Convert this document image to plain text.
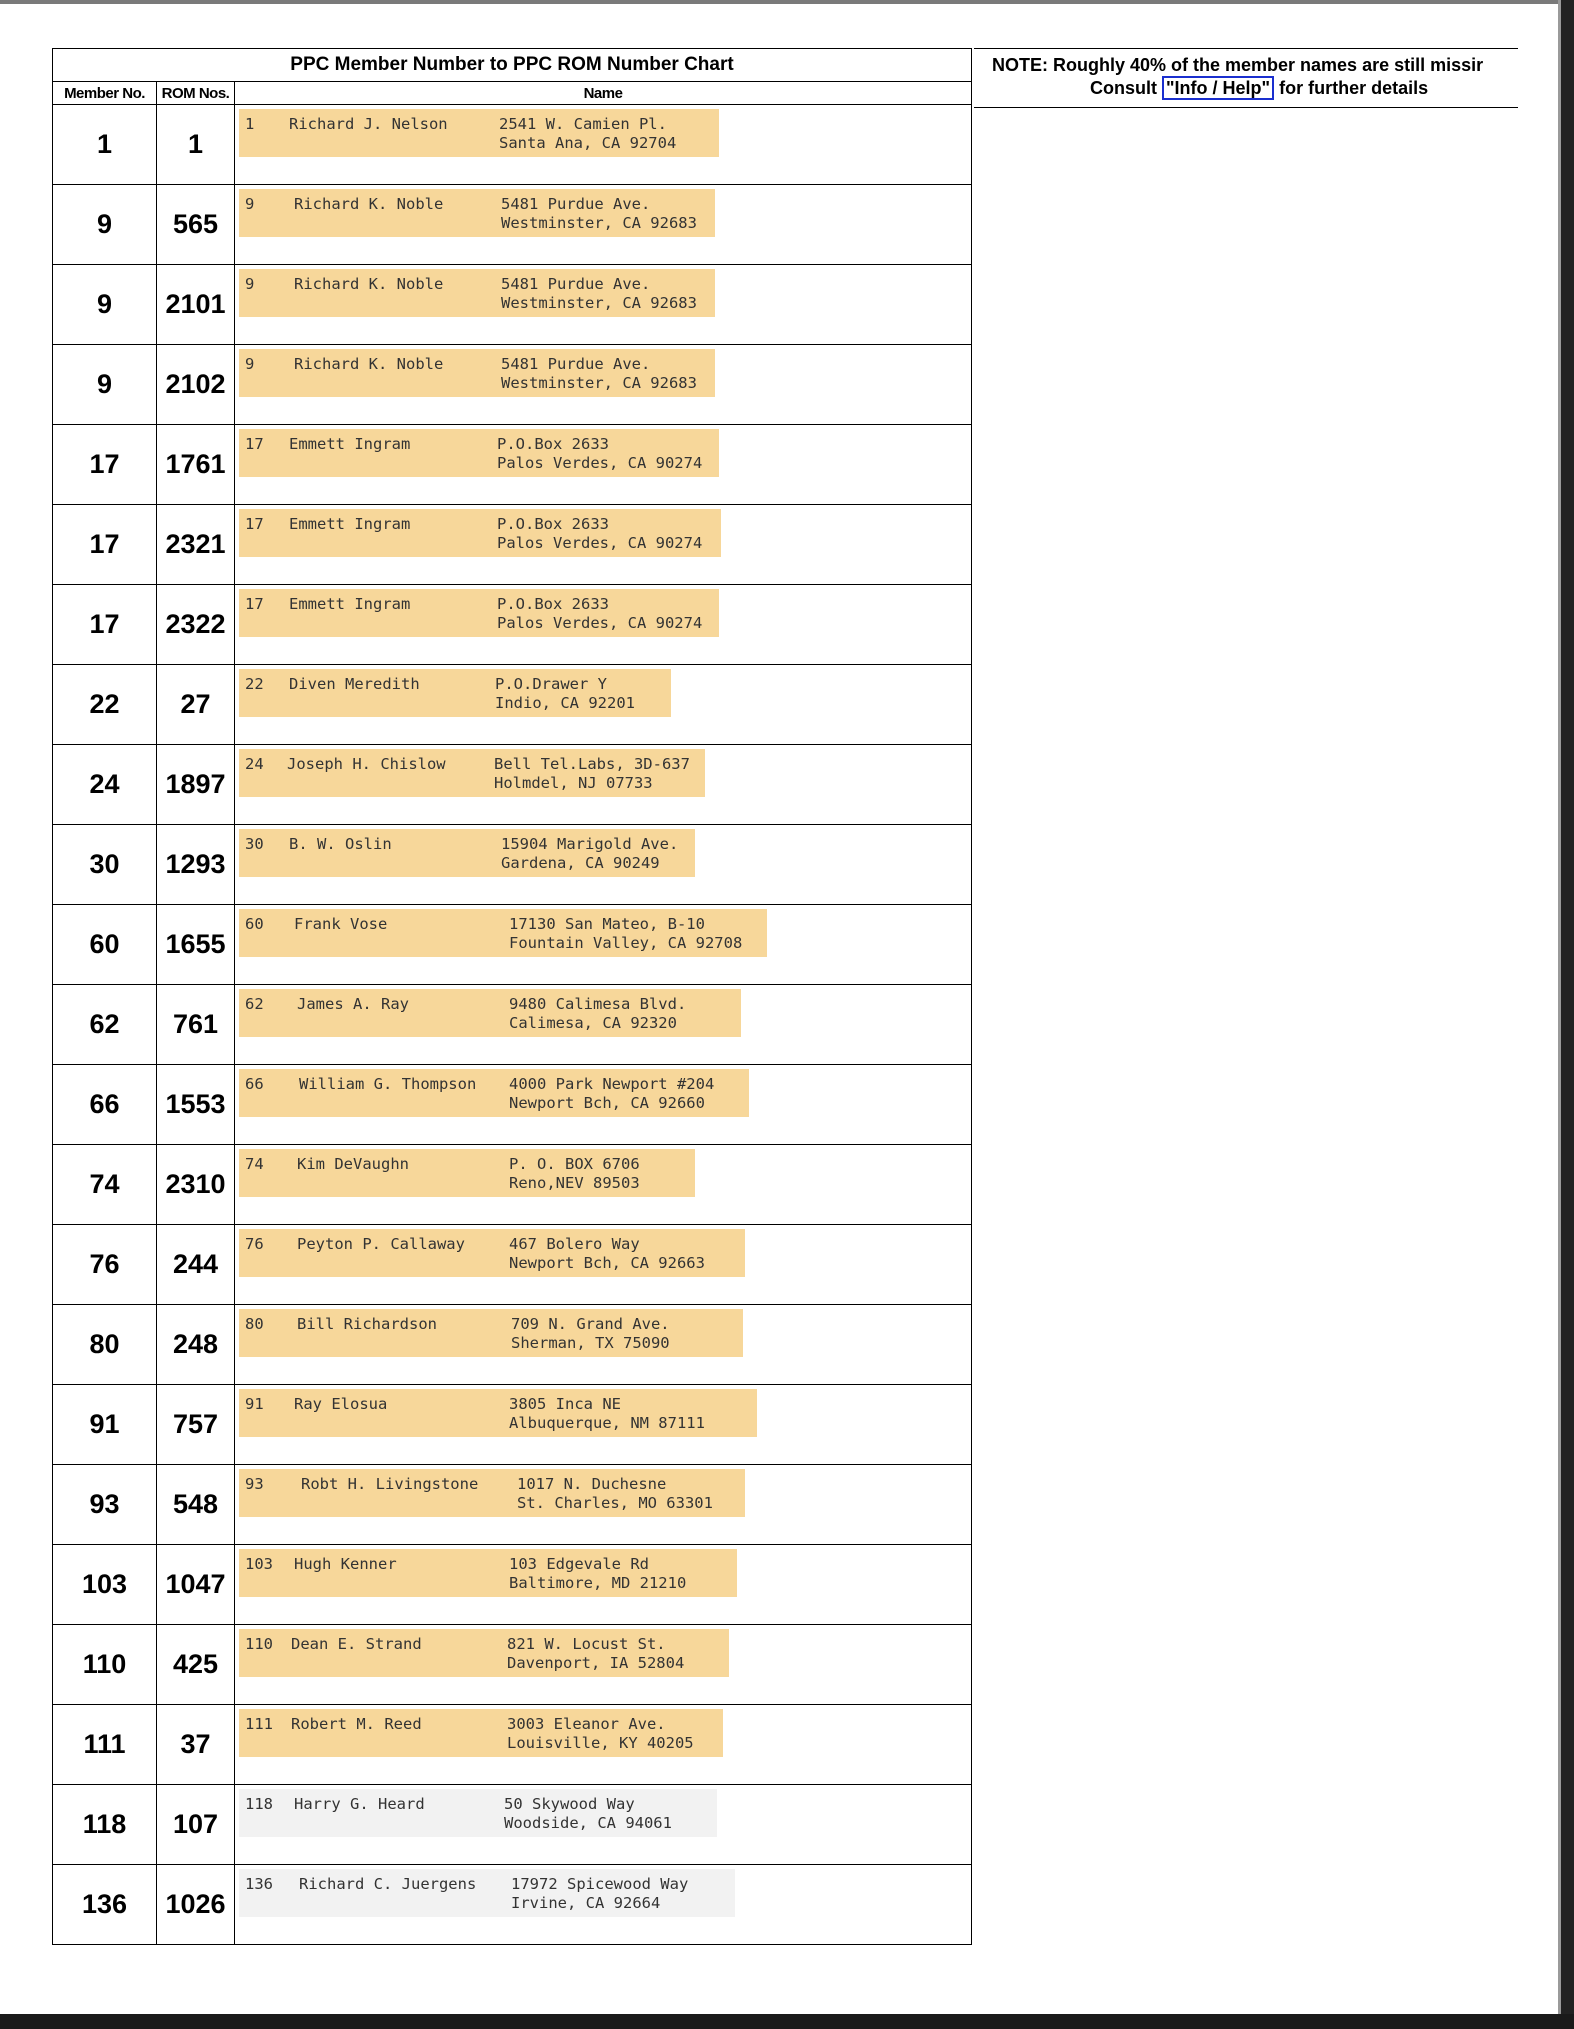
PPC Member Number to PPC ROM Number Chart		
Member No.	ROM Nos.	Name
1	1	1 Richard J. Nelson 2541 W. Camien Pl.
Santa Ana, CA 92704

9	565	9 Richard K. Noble 5481 Purdue Ave.
Westminster, CA 92683

9	2101	9 Richard K. Noble 5481 Purdue Ave.
Westminster, CA 92683

9	2102	9 Richard K. Noble 5481 Purdue Ave.
Westminster, CA 92683

17	1761	17 Emmett Ingram P.O.Box 2633
Palos Verdes, CA 90274

17	2321	17 Emmett Ingram P.O.Box 2633
Palos Verdes, CA 90274

17	2322	17 Emmett Ingram P.O.Box 2633
Palos Verdes, CA 90274

22	27	22 Diven Meredith P.O.Drawer Y
Indio, CA 92201

24	1897	24 Joseph H. Chislow Bell Tel.Labs, 3D-637
Holmdel, NJ 07733

30	1293	30 B. W. Oslin 15904 Marigold Ave.
Gardena, CA 90249

60	1655	60 Frank Vose 17130 San Mateo, B-10
Fountain Valley, CA 92708

62	761	62 James A. Ray 9480 Calimesa Blvd.
Calimesa, CA 92320

66	1553	66 William G. Thompson 4000 Park Newport #204
Newport Bch, CA 92660

74	2310	74 Kim DeVaughn P. O. BOX 6706
Reno,NEV 89503

76	244	76 Peyton P. Callaway 467 Bolero Way
Newport Bch, CA 92663

80	248	80 Bill Richardson 709 N. Grand Ave.
Sherman, TX 75090

91	757	91 Ray Elosua 3805 Inca NE
Albuquerque, NM 87111

93	548	93 Robt H. Livingstone 1017 N. Duchesne
St. Charles, MO 63301

103	1047	103 Hugh Kenner 103 Edgevale Rd
Baltimore, MD 21210

110	425	110 Dean E. Strand 821 W. Locust St.
Davenport, IA 52804

111	37	111 Robert M. Reed 3003 Eleanor Ave.
Louisville, KY 40205

118	107	118 Harry G. Heard 50 Skywood Way
Woodside, CA 94061

136	1026	136 Richard C. Juergens 17972 Spicewood Way
Irvine, CA 92664
NOTE: Roughly 40% of the member names are still missir
Consult "Info / Help" for further details
